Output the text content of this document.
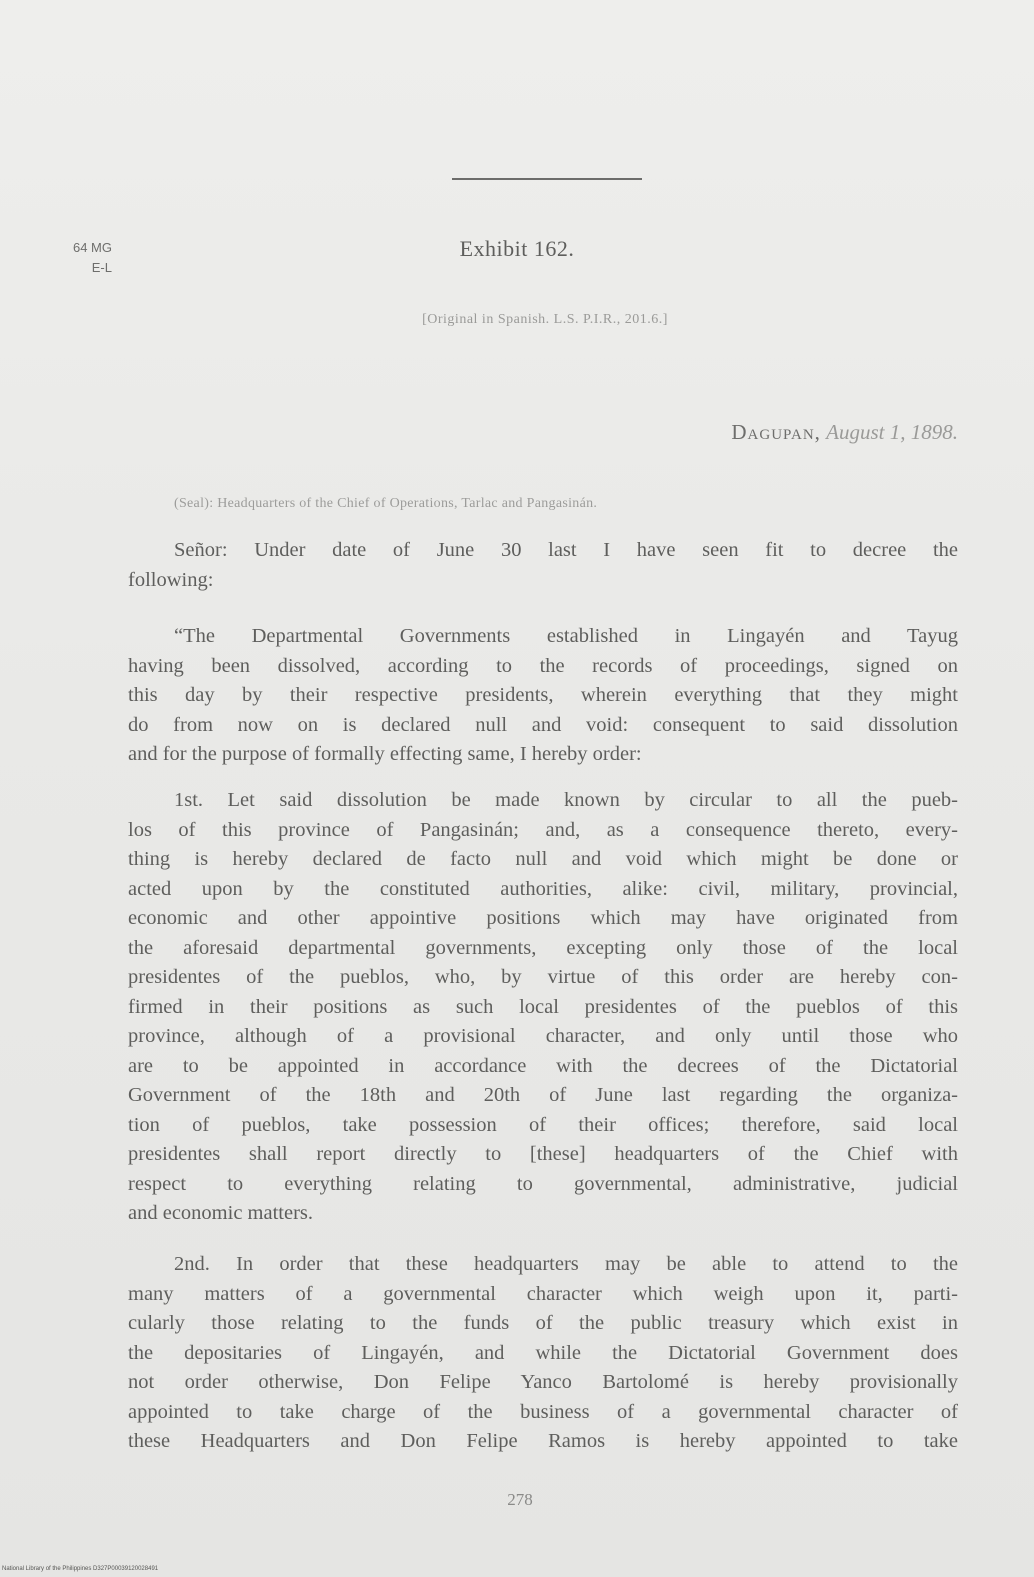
64 MG
E-L
Exhibit 162.
[Original in Spanish. L.S. P.I.R., 201.6.]
Dagupan, August 1, 1898.
(Seal): Headquarters of the Chief of Operations, Tarlac and Pangasinán.
Señor: Under date of June 30 last I have seen fit to decree the
following:
“The Departmental Governments established in Lingayén and Tayug
having been dissolved, according to the records of proceedings, signed on
this day by their respective presidents, wherein everything that they might
do from now on is declared null and void: consequent to said dissolution
and for the purpose of formally effecting same, I hereby order:
1st. Let said dissolution be made known by circular to all the pueb-
los of this province of Pangasinán; and, as a consequence thereto, every-
thing is hereby declared de facto null and void which might be done or
acted upon by the constituted authorities, alike: civil, military, provincial,
economic and other appointive positions which may have originated from
the aforesaid departmental governments, excepting only those of the local
presidentes of the pueblos, who, by virtue of this order are hereby con-
firmed in their positions as such local presidentes of the pueblos of this
province, although of a provisional character, and only until those who
are to be appointed in accordance with the decrees of the Dictatorial
Government of the 18th and 20th of June last regarding the organiza-
tion of pueblos, take possession of their offices; therefore, said local
presidentes shall report directly to [these] headquarters of the Chief with
respect to everything relating to governmental, administrative, judicial
and economic matters.
2nd. In order that these headquarters may be able to attend to the
many matters of a governmental character which weigh upon it, parti-
cularly those relating to the funds of the public treasury which exist in
the depositaries of Lingayén, and while the Dictatorial Government does
not order otherwise, Don Felipe Yanco Bartolomé is hereby provisionally
appointed to take charge of the business of a governmental character of
these Headquarters and Don Felipe Ramos is hereby appointed to take
278
National Library of the Philippines D327P00039120028491
